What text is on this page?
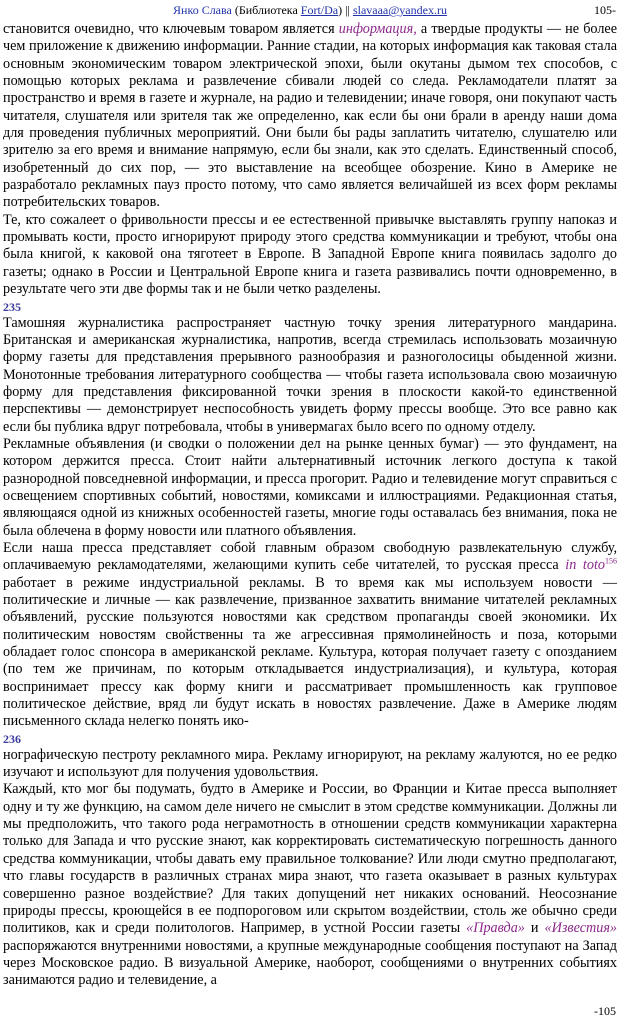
Янко Слава (Библиотека Fort/Da) || slavaaa@yandex.ru	105-

становится очевидно, что ключевым товаром является информация, а твердые продукты — не более чем приложение к движению информации. Ранние стадии, на которых информация как таковая стала основным экономическим товаром электрической эпохи, были окутаны дымом тех способов, с помощью которых реклама и развлечение сбивали людей со следа. Рекламодатели платят за пространство и время в газете и журнале, на радио и телевидении; иначе говоря, они покупают часть читателя, слушателя или зрителя так же определенно, как если бы они брали в аренду наши дома для проведения публичных мероприятий. Они были бы рады заплатить читателю, слушателю или зрителю за его время и внимание напрямую, если бы знали, как это сделать. Единственный способ, изобретенный до сих пор, — это выставление на всеобщее обозрение. Кино в Америке не разработало рекламных пауз просто потому, что само является величайшей из всех форм рекламы потребительских товаров.

Те, кто сожалеет о фривольности прессы и ее естественной привычке выставлять группу напоказ и промывать кости, просто игнорируют природу этого средства коммуникации и требуют, чтобы она была книгой, к каковой она тяготеет в Европе. В Западной Европе книга появилась задолго до газеты; однако в России и Центральной Европе книга и газета развивались почти одновременно, в результате чего эти две формы так и не были четко разделены.

235

Тамошняя журналистика распространяет частную точку зрения литературного мандарина. Британская и американская журналистика, напротив, всегда стремилась использовать мозаичную форму газеты для представления прерывного разнообразия и разноголосицы обыденной жизни. Монотонные требования литературного сообщества — чтобы газета использовала свою мозаичную форму для представления фиксированной точки зрения в плоскости какой-то единственной перспективы — демонстрирует неспособность увидеть форму прессы вообще. Это все равно как если бы публика вдруг потребовала, чтобы в универмагах было всего по одному отделу.

Рекламные объявления (и сводки о положении дел на рынке ценных бумаг) — это фундамент, на котором держится пресса. Стоит найти альтернативный источник легкого доступа к такой разнородной повседневной информации, и пресса прогорит. Радио и телевидение могут справиться с освещением спортивных событий, новостями, комиксами и иллюстрациями. Редакционная статья, являющаяся одной из книжных особенностей газеты, многие годы оставалась без внимания, пока не была облечена в форму новости или платного объявления.

Если наша пресса представляет собой главным образом свободную развлекательную службу, оплачиваемую рекламодателями, желающими купить себе читателей, то русская пресса in toto$^{156}$ работает в режиме индустриальной рекламы. В то время как мы используем новости — политические и личные — как развлечение, призванное захватить внимание читателей рекламных объявлений, русские пользуются новостями как средством пропаганды своей экономики. Их политическим новостям свойственны та же агрессивная прямолинейность и поза, которыми обладает голос спонсора в американской рекламе. Культура, которая получает газету с опозданием (по тем же причинам, по которым откладывается индустриализация), и культура, которая воспринимает прессу как форму книги и рассматривает промышленность как групповое политическое действие, вряд ли будут искать в новостях развлечение. Даже в Америке людям письменного склада нелегко понять ико-

236

нографическую пестроту рекламного мира. Рекламу игнорируют, на рекламу жалуются, но ее редко изучают и используют для получения удовольствия.

Каждый, кто мог бы подумать, будто в Америке и России, во Франции и Китае пресса выполняет одну и ту же функцию, на самом деле ничего не смыслит в этом средстве коммуникации. Должны ли мы предположить, что такого рода неграмотность в отношении средств коммуникации характерна только для Запада и что русские знают, как корректировать систематическую погрешность данного средства коммуникации, чтобы давать ему правильное толкование? Или люди смутно предполагают, что главы государств в различных странах мира знают, что газета оказывает в разных культурах совершенно разное воздействие? Для таких допущений нет никаких оснований. Неосознание природы прессы, кроющейся в ее подпороговом или скрытом воздействии, столь же обычно среди политиков, как и среди политологов. Например, в устной России газеты «Правда» и «Известия» распоряжаются внутренними новостями, а крупные международные сообщения поступают на Запад через Московское радио. В визуальной Америке, наоборот, сообщениями о внутренних событиях занимаются радио и телевидение, а

-105
